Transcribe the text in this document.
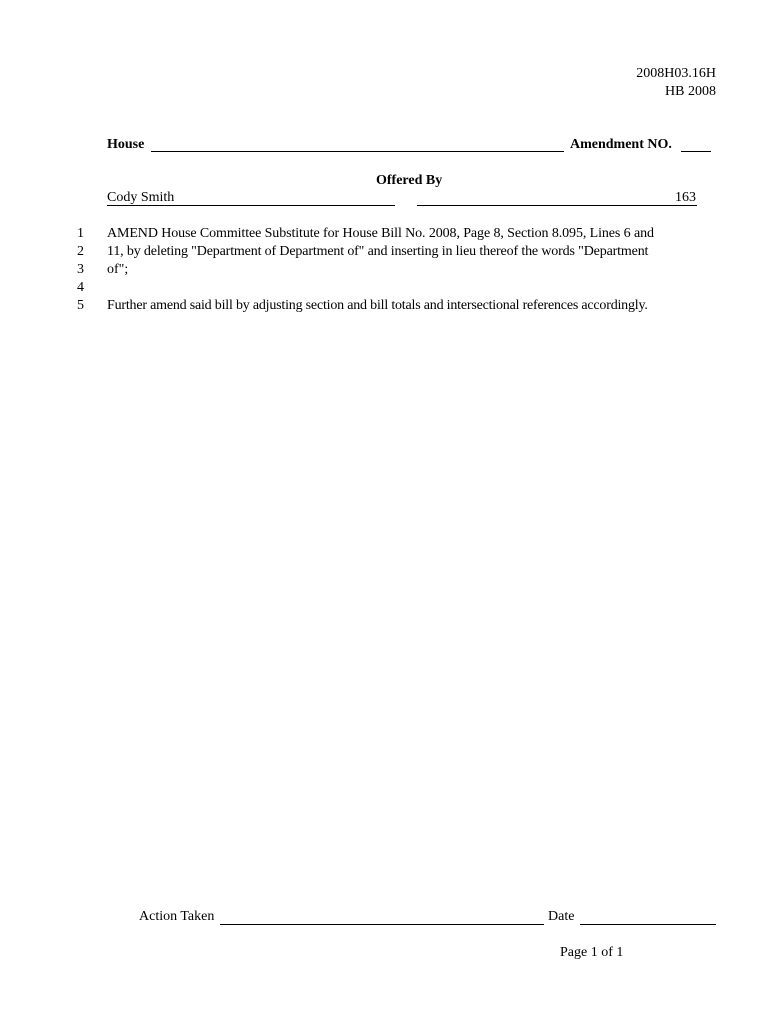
2008H03.16H
HB 2008
House	Amendment NO.
Offered By
Cody Smith	163
1
2
3
4
5
AMEND House Committee Substitute for House Bill No. 2008, Page 8, Section 8.095, Lines 6 and
11, by deleting "Department of Department of" and inserting in lieu thereof the words "Department
of";
Further amend said bill by adjusting section and bill totals and intersectional references accordingly.
Action Taken	Date
Page 1 of 1
